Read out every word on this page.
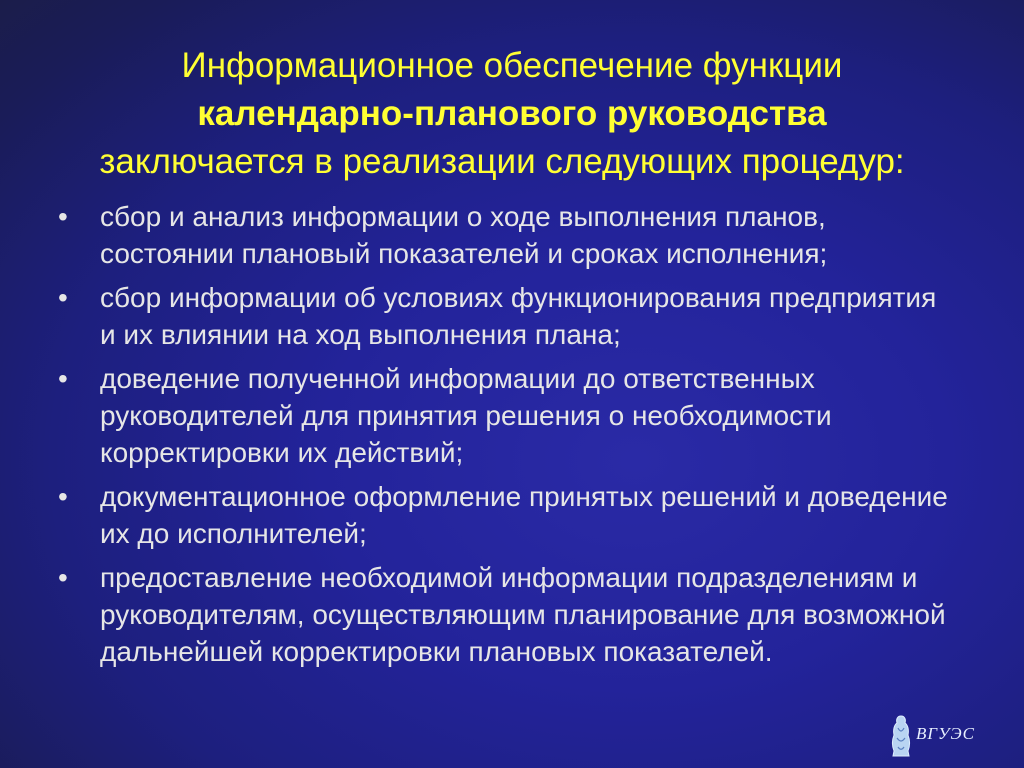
Информационное обеспечение функции
календарно-планового руководства
заключается в реализации следующих процедур:
•	сбор и анализ информации о ходе выполнения планов, состоянии плановый показателей и сроках исполнения;
•	сбор информации об условиях функционирования предприятия и их влиянии на ход выполнения плана;
•	доведение полученной информации до ответственных руководителей для принятия решения о необходимости корректировки их действий;
•	документационное оформление принятых решений и доведение их до исполнителей;
•	предоставление необходимой информации подразделениям и руководителям, осуществляющим планирование для возможной дальнейшей корректировки плановых показателей.
ВГУЭС
